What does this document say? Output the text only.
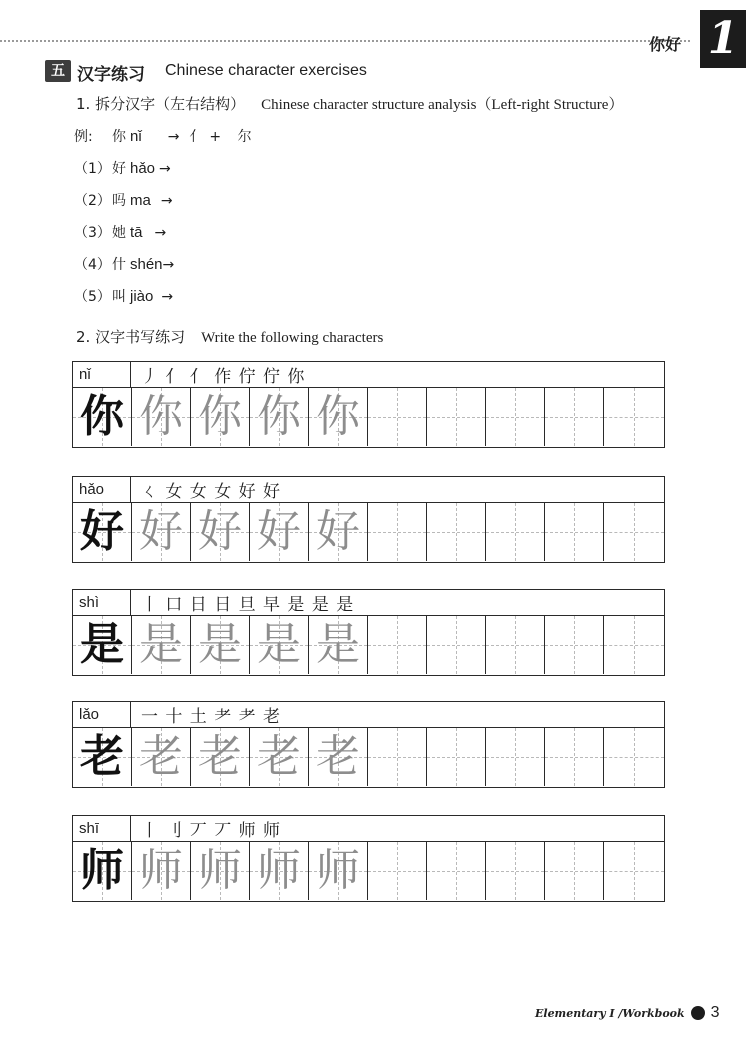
你好 1
五 汉字练习 Chinese character exercises
1. 拆分汉字（左右结构） Chinese character structure analysis（Left-right Structure）
例: 你 nǐ → 亻+ 尔
（1）好 hǎo →
（2）吗 ma →
（3）她 tā →
（4）什 shén→
（5）叫 jiào →
2. 汉字书写练习 Write the following characters
nǐ	丿 亻 亻 作 佇 佇 你
你 你 你 你 你
hǎo	ㄑ 女 女 女 好 好
好 好 好 好 好
shì	丨 口 日 日 旦 早 是 是 是
是 是 是 是 是
lǎo	一 十 土 耂 耂 老
老 老 老 老 老
shī	丨 刂 丆 丆 师 师
师 师 师 师 师
Elementary I /Workbook 3
